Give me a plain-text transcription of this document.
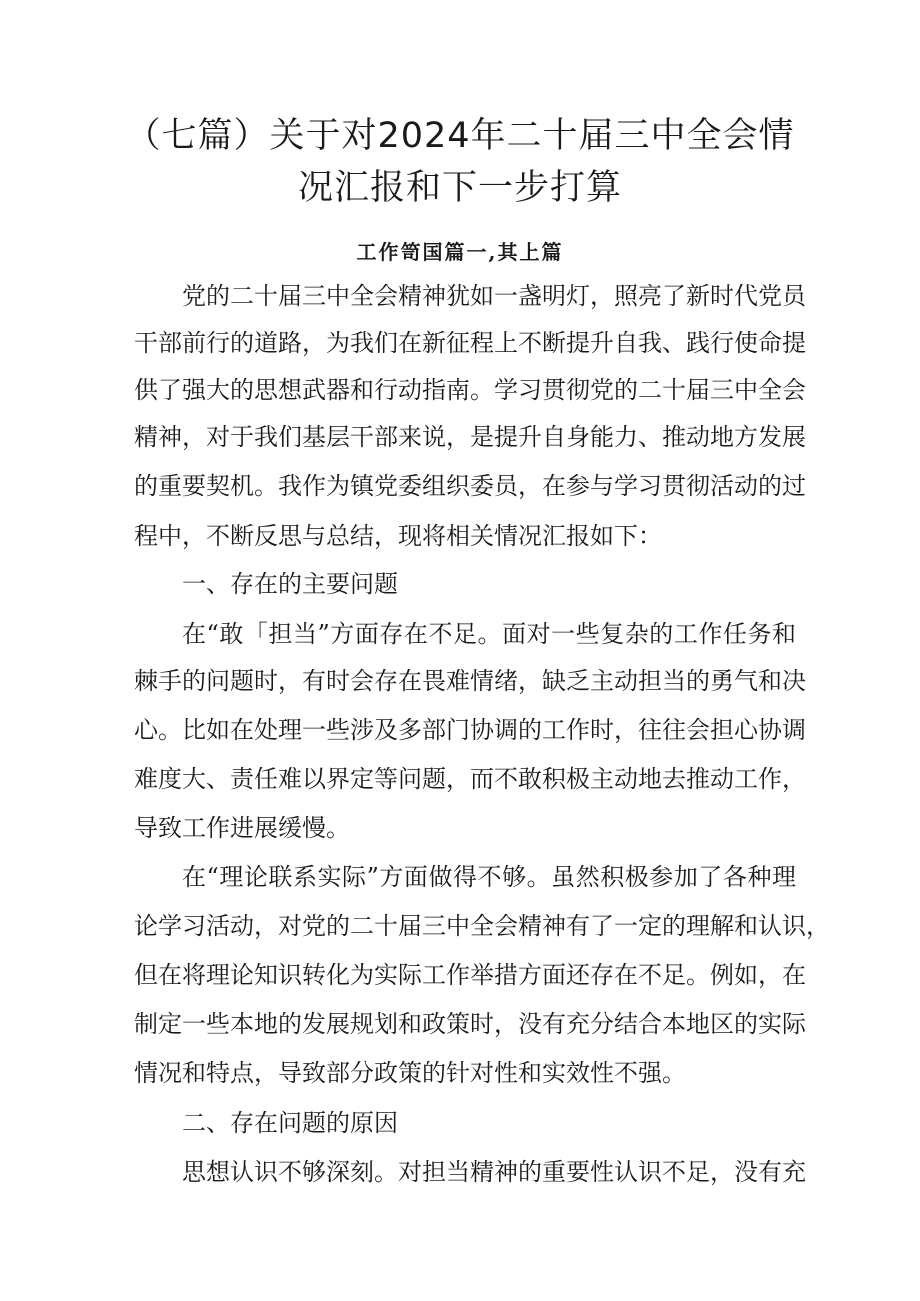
（七篇）关于对2024年二十届三中全会情
况汇报和下一步打算

工作笥国篇一,其上篇

党的二十届三中全会精神犹如一盏明灯，照亮了新时代党员

干部前行的道路，为我们在新征程上不断提升自我、践行使命提

供了强大的思想武器和行动指南。学习贯彻党的二十届三中全会

精神，对于我们基层干部来说，是提升自身能力、推动地方发展

的重要契机。我作为镇党委组织委员，在参与学习贯彻活动的过

程中，不断反思与总结，现将相关情况汇报如下：

一、存在的主要问题

在“敢「担当”方面存在不足。面对一些复杂的工作任务和

棘手的问题时，有时会存在畏难情绪，缺乏主动担当的勇气和决

心。比如在处理一些涉及多部门协调的工作时，往往会担心协调

难度大、责任难以界定等问题，而不敢积极主动地去推动工作，

导致工作进展缓慢。

在“理论联系实际”方面做得不够。虽然积极参加了各种理

论学习活动，对党的二十届三中全会精神有了一定的理解和认识，

但在将理论知识转化为实际工作举措方面还存在不足。例如，在

制定一些本地的发展规划和政策时，没有充分结合本地区的实际

情况和特点，导致部分政策的针对性和实效性不强。

二、存在问题的原因

思想认识不够深刻。对担当精神的重要性认识不足，没有充
